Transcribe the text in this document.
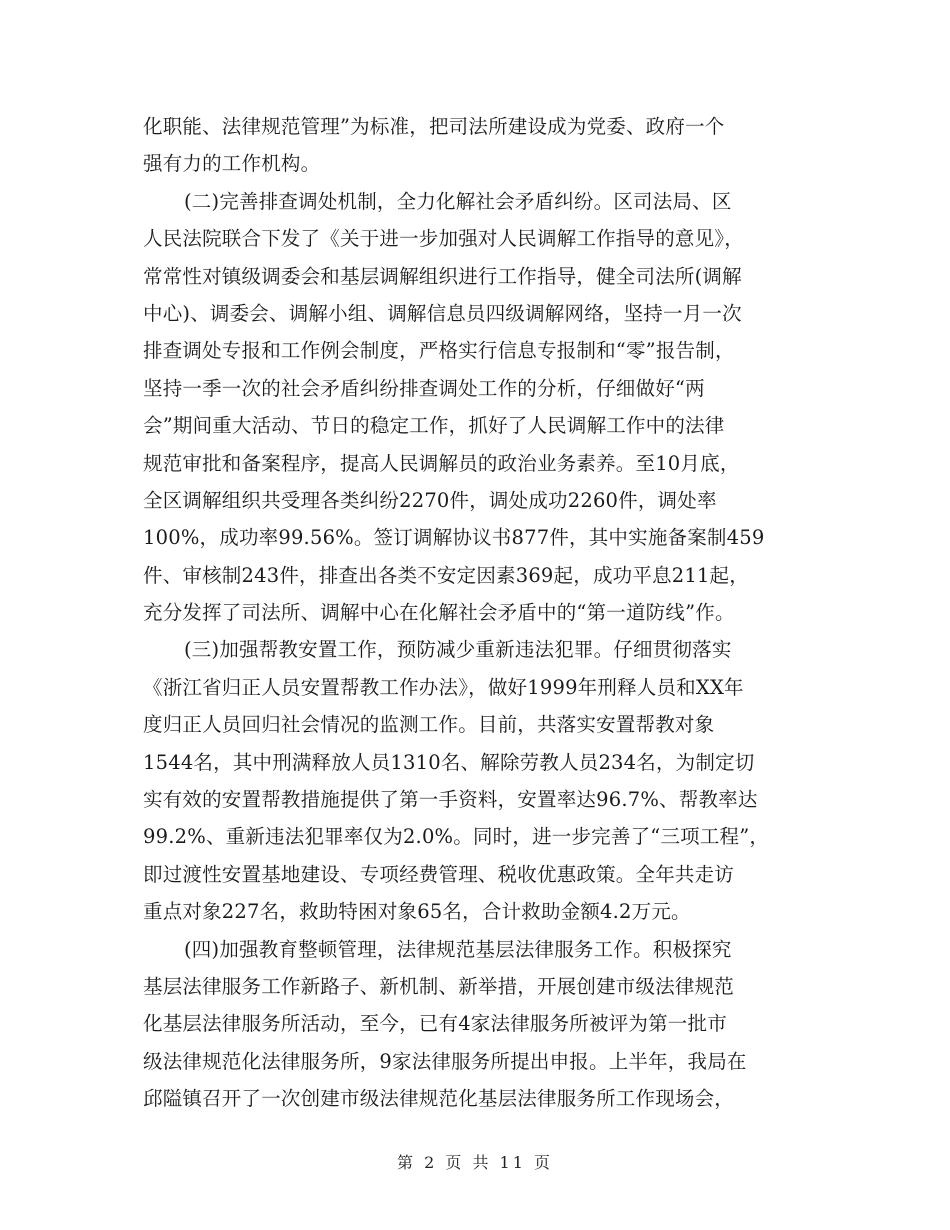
化职能、法律规范管理”为标准，把司法所建设成为党委、政府一个
强有力的工作机构。
(二)完善排查调处机制，全力化解社会矛盾纠纷。区司法局、区
人民法院联合下发了《关于进一步加强对人民调解工作指导的意见》，
常常性对镇级调委会和基层调解组织进行工作指导，健全司法所(调解
中心)、调委会、调解小组、调解信息员四级调解网络，坚持一月一次
排查调处专报和工作例会制度，严格实行信息专报制和“零”报告制，
坚持一季一次的社会矛盾纠纷排查调处工作的分析，仔细做好“两
会”期间重大活动、节日的稳定工作，抓好了人民调解工作中的法律
规范审批和备案程序，提高人民调解员的政治业务素养。至10月底，
全区调解组织共受理各类纠纷2270件，调处成功2260件，调处率
100%，成功率99.56%。签订调解协议书877件，其中实施备案制459
件、审核制243件，排查出各类不安定因素369起，成功平息211起，
充分发挥了司法所、调解中心在化解社会矛盾中的“第一道防线”作。
(三)加强帮教安置工作，预防减少重新违法犯罪。仔细贯彻落实
《浙江省归正人员安置帮教工作办法》，做好1999年刑释人员和XX年
度归正人员回归社会情况的监测工作。目前，共落实安置帮教对象
1544名，其中刑满释放人员1310名、解除劳教人员234名，为制定切
实有效的安置帮教措施提供了第一手资料，安置率达96.7%、帮教率达
99.2%、重新违法犯罪率仅为2.0%。同时，进一步完善了“三项工程”，
即过渡性安置基地建设、专项经费管理、税收优惠政策。全年共走访
重点对象227名，救助特困对象65名，合计救助金额4.2万元。
(四)加强教育整顿管理，法律规范基层法律服务工作。积极探究
基层法律服务工作新路子、新机制、新举措，开展创建市级法律规范
化基层法律服务所活动，至今，已有4家法律服务所被评为第一批市
级法律规范化法律服务所，9家法律服务所提出申报。上半年，我局在
邱隘镇召开了一次创建市级法律规范化基层法律服务所工作现场会，
第 2 页 共 11 页
